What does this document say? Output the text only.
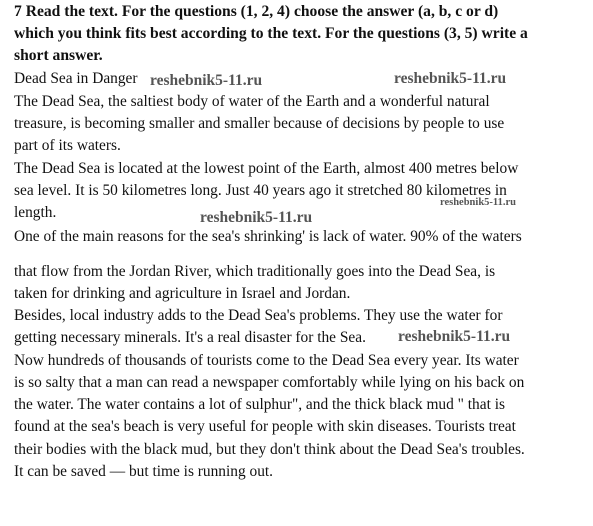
7 Read the text. For the questions (1, 2, 4) choose the answer (a, b, c or d)
which you think fits best according to the text. For the questions (3, 5) write a
short answer.
Dead Sea in Danger
The Dead Sea, the saltiest body of water of the Earth and a wonderful natural
treasure, is becoming smaller and smaller because of decisions by people to use
part of its waters.
The Dead Sea is located at the lowest point of the Earth, almost 400 metres below
sea level. It is 50 kilometres long. Just 40 years ago it stretched 80 kilometres in
length.
One of the main reasons for the sea's shrinking' is lack of water. 90% of the waters
that flow from the Jordan River, which traditionally goes into the Dead Sea, is
taken for drinking and agriculture in Israel and Jordan.
Besides, local industry adds to the Dead Sea's problems. They use the water for
getting necessary minerals. It's a real disaster for the Sea.
Now hundreds of thousands of tourists come to the Dead Sea every year. Its water
is so salty that a man can read a newspaper comfortably while lying on his back on
the water. The water contains a lot of sulphur", and the thick black mud " that is
found at the sea's beach is very useful for people with skin diseases. Tourists treat
their bodies with the black mud, but they don't think about the Dead Sea's troubles.
It can be saved — but time is running out.
reshebnik5-11.ru	reshebnik5-11.ru
reshebnik5-11.ru
reshebnik5-11.ru
reshebnik5-11.ru
